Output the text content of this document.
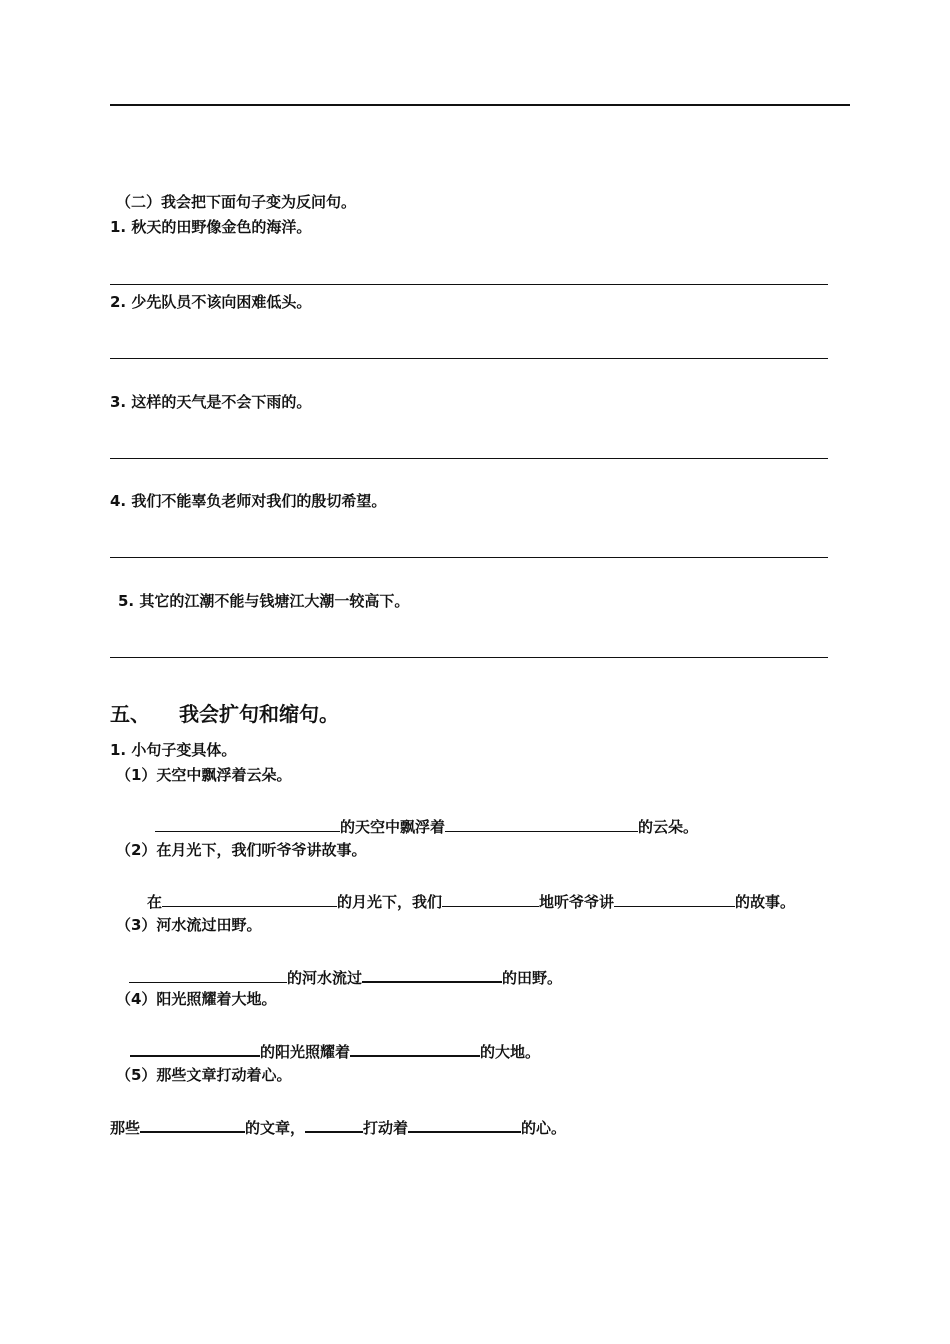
（二）我会把下面句子变为反问句。
1. 秋天的田野像金色的海洋。
2. 少先队员不该向困难低头。
3. 这样的天气是不会下雨的。
4. 我们不能辜负老师对我们的殷切希望。
5. 其它的江潮不能与钱塘江大潮一较高下。
五、 我会扩句和缩句。
1. 小句子变具体。
（1）天空中飘浮着云朵。
的天空中飘浮着	的云朵。
（2）在月光下，我们听爷爷讲故事。
在	的月光下，我们	地听爷爷讲	的故事。
（3）河水流过田野。
的河水流过	的田野。
（4）阳光照耀着大地。
的阳光照耀着	的大地。
（5）那些文章打动着心。
那些	的文章，	打动着	的心。
